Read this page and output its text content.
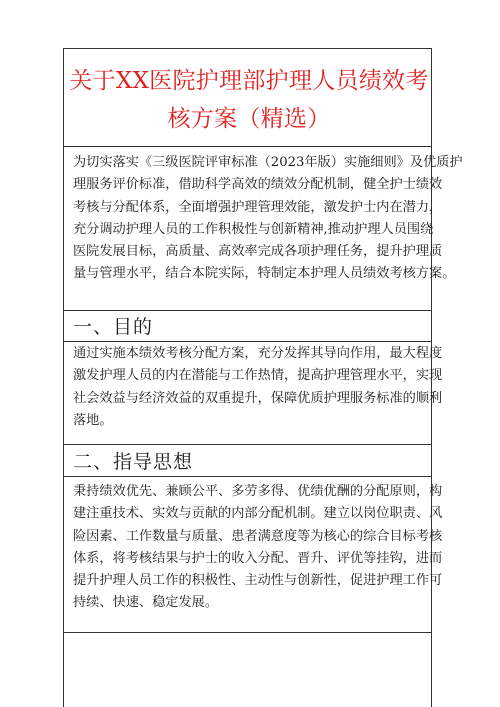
关于XX医院护理部护理人员绩效考
核方案（精选）
为切实落实《三级医院评审标准（2023年版）实施细则》及优质护
理服务评价标准，借助科学高效的绩效分配机制，健全护士绩效
考核与分配体系，全面增强护理管理效能，激发护士内在潜力，
充分调动护理人员的工作积极性与创新精神,推动护理人员围绕
医院发展目标，高质量、高效率完成各项护理任务，提升护理质
量与管理水平，结合本院实际，特制定本护理人员绩效考核方案。
一、目的
通过实施本绩效考核分配方案，充分发挥其导向作用，最大程度
激发护理人员的内在潜能与工作热情，提高护理管理水平，实现
社会效益与经济效益的双重提升，保障优质护理服务标准的顺利
落地。
二、指导思想
秉持绩效优先、兼顾公平、多劳多得、优绩优酬的分配原则，构
建注重技术、实效与贡献的内部分配机制。建立以岗位职责、风
险因素、工作数量与质量、患者满意度等为核心的综合目标考核
体系，将考核结果与护士的收入分配、晋升、评优等挂钩，进而
提升护理人员工作的积极性、主动性与创新性，促进护理工作可
持续、快速、稳定发展。
